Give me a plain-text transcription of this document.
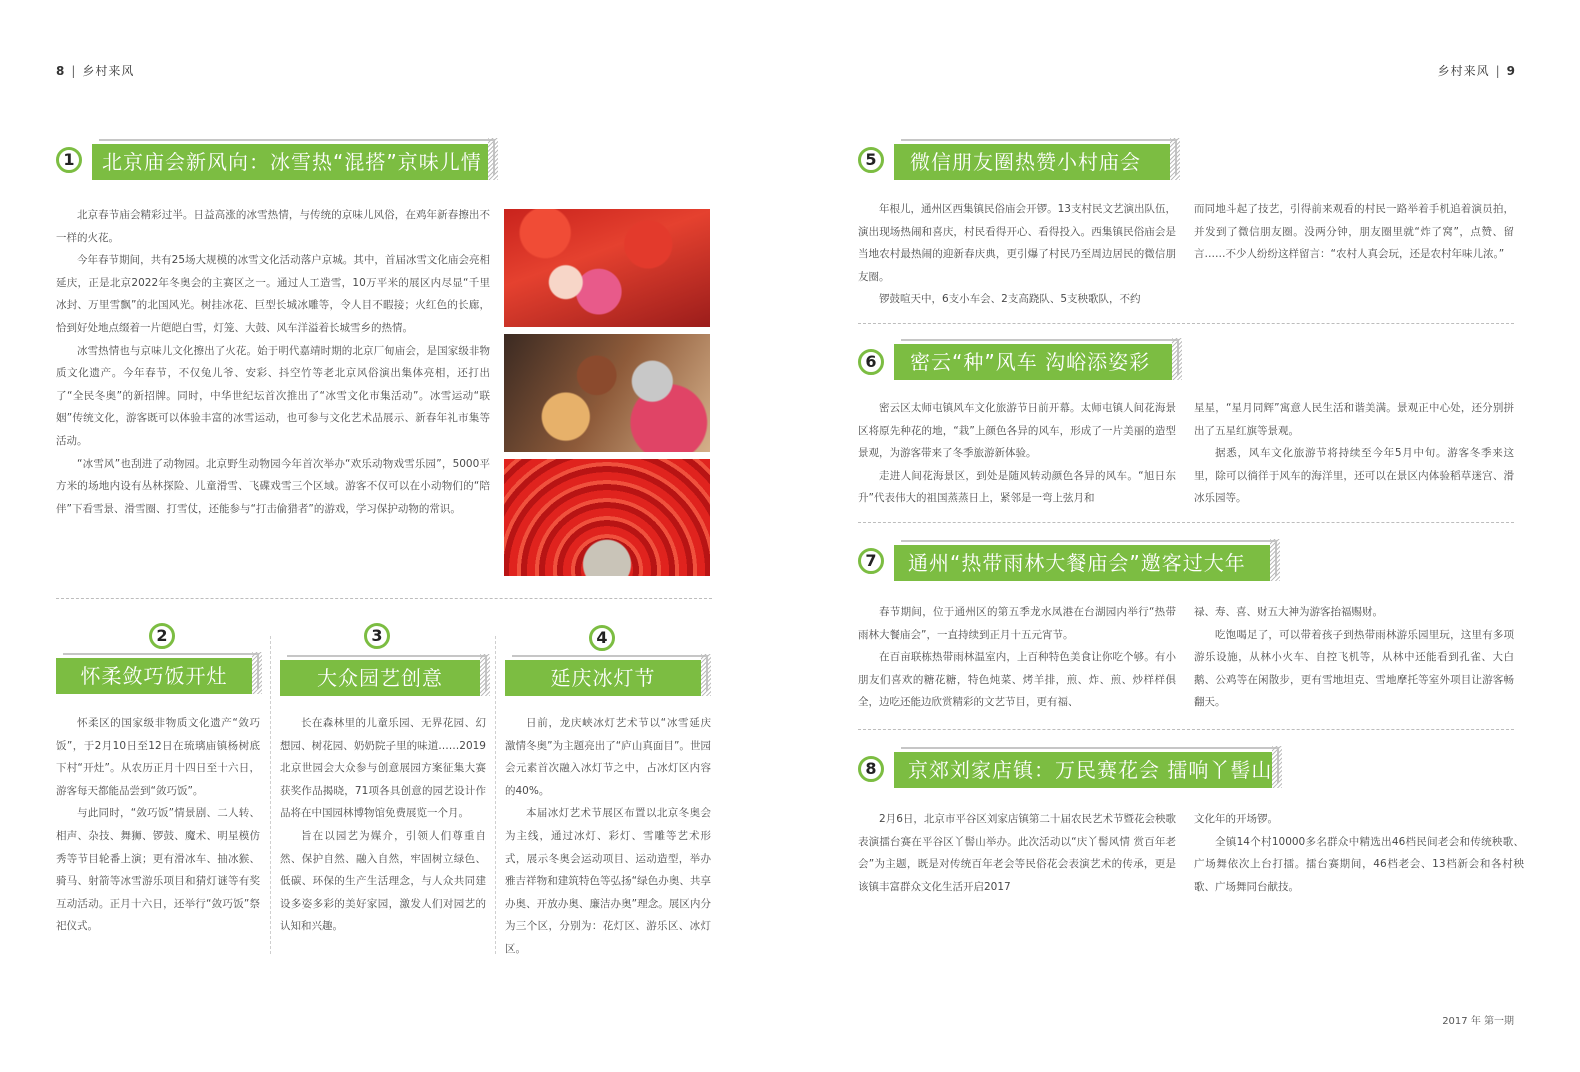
8 | 乡村来风	乡村来风 | 9
1	北京庙会新风向：冰雪热“混搭”京味儿情

北京春节庙会精彩过半。日益高涨的冰雪热情，与传统的京味儿风俗，在鸡年新春擦出不一样的火花。

今年春节期间，共有25场大规模的冰雪文化活动落户京城。其中，首届冰雪文化庙会亮相延庆，正是北京2022年冬奥会的主赛区之一。通过人工造雪，10万平米的展区内尽显“千里冰封、万里雪飘”的北国风光。树挂冰花、巨型长城冰雕等，令人目不暇接；火红色的长廊，恰到好处地点缀着一片皑皑白雪，灯笼、大鼓、风车洋溢着长城雪乡的热情。

冰雪热情也与京味儿文化擦出了火花。始于明代嘉靖时期的北京厂甸庙会，是国家级非物质文化遗产。今年春节，不仅兔儿爷、安彩、抖空竹等老北京风俗演出集体亮相，还打出了“全民冬奥”的新招牌。同时，中华世纪坛首次推出了“冰雪文化市集活动”。冰雪运动“联姻”传统文化，游客既可以体验丰富的冰雪运动，也可参与文化艺术品展示、新春年礼市集等活动。

“冰雪风”也刮进了动物园。北京野生动物园今年首次举办“欢乐动物戏雪乐园”，5000平方米的场地内设有丛林探险、儿童滑雪、飞碟戏雪三个区域。游客不仅可以在小动物们的“陪伴”下看雪景、滑雪圈、打雪仗，还能参与“打击偷猎者”的游戏，学习保护动物的常识。

2
怀柔敛巧饭开灶

怀柔区的国家级非物质文化遗产“敛巧饭”，于2月10日至12日在琉璃庙镇杨树底下村“开灶”。从农历正月十四日至十六日，游客每天都能品尝到“敛巧饭”。

与此同时，“敛巧饭”情景剧、二人转、相声、杂技、舞狮、锣鼓、魔术、明星模仿秀等节目轮番上演；更有滑冰车、抽冰猴、骑马、射箭等冰雪游乐项目和猜灯谜等有奖互动活动。正月十六日，还举行“敛巧饭”祭祀仪式。

3
大众园艺创意

长在森林里的儿童乐园、无界花园、幻想园、树花园、奶奶院子里的味道……2019北京世园会大众参与创意展园方案征集大赛获奖作品揭晓，71项各具创意的园艺设计作品将在中国园林博物馆免费展览一个月。

旨在以园艺为媒介，引领人们尊重自然、保护自然、融入自然，牢固树立绿色、低碳、环保的生产生活理念，与人众共同建设多姿多彩的美好家园，激发人们对园艺的认知和兴趣。

4
延庆冰灯节

日前，龙庆峡冰灯艺术节以“冰雪延庆 激情冬奥”为主题亮出了“庐山真面目”。世园会元素首次融入冰灯节之中，占冰灯区内容的40%。

本届冰灯艺术节展区布置以北京冬奥会为主线，通过冰灯、彩灯、雪雕等艺术形式，展示冬奥会运动项目、运动造型，举办雅吉祥物和建筑特色等弘扬“绿色办奥、共享办奥、开放办奥、廉洁办奥”理念。展区内分为三个区，分别为：花灯区、游乐区、冰灯区。

5	微信朋友圈热赞小村庙会

年根儿，通州区西集镇民俗庙会开锣。13支村民文艺演出队伍，演出现场热闹和喜庆，村民看得开心、看得投入。西集镇民俗庙会是当地农村最热闹的迎新春庆典，更引爆了村民乃至周边居民的微信朋友圈。

锣鼓喧天中，6支小车会、2支高跷队、5支秧歌队，不约

而同地斗起了技艺，引得前来观看的村民一路举着手机追着演员拍，并发到了微信朋友圈。没两分钟，朋友圈里就“炸了窝”，点赞、留言……不少人纷纷这样留言：“农村人真会玩，还是农村年味儿浓。”

6	密云“种”风车 沟峪添姿彩

密云区太师屯镇风车文化旅游节日前开幕。太师屯镇人间花海景区将原先种花的地，“栽”上颜色各异的风车，形成了一片美丽的造型景观，为游客带来了冬季旅游新体验。

走进人间花海景区，到处是随风转动颜色各异的风车。“旭日东升”代表伟大的祖国蒸蒸日上，紧邻是一弯上弦月和

星星，“星月同辉”寓意人民生活和谐美满。景观正中心处，还分别拼出了五星红旗等景观。

据悉，风车文化旅游节将持续至今年5月中旬。游客冬季来这里，除可以徜徉于风车的海洋里，还可以在景区内体验稻草迷宫、滑冰乐园等。

7	通州“热带雨林大餐庙会”邀客过大年

春节期间，位于通州区的第五季龙水凤港在台湖园内举行“热带雨林大餐庙会”，一直持续到正月十五元宵节。

在百亩联栋热带雨林温室内，上百种特色美食让你吃个够。有小朋友们喜欢的糖花糖，特色炖菜、烤羊排，煎、炸、煎、炒样样俱全，边吃还能边欣赏精彩的文艺节目，更有福、

禄、寿、喜、财五大神为游客抬福赐财。

吃饱喝足了，可以带着孩子到热带雨林游乐园里玩，这里有多项游乐设施，从林小火车、自控飞机等，从林中还能看到孔雀、大白鹅、公鸡等在闲散步，更有雪地坦克、雪地摩托等室外项目让游客畅翻天。

8	京郊刘家店镇：万民赛花会 擂响丫髻山

2月6日，北京市平谷区刘家店镇第二十届农民艺术节暨花会秧歌表演擂台赛在平谷区丫髻山举办。此次活动以“庆丫髻风情 赏百年老会”为主题，既是对传统百年老会等民俗花会表演艺术的传承，更是该镇丰富群众文化生活开启2017

文化年的开场锣。

全镇14个村10000多名群众中精选出46档民间老会和传统秧歌、广场舞依次上台打擂。擂台赛期间，46档老会、13档新会和各村秧歌、广场舞同台献技。

2017 年 第一期
